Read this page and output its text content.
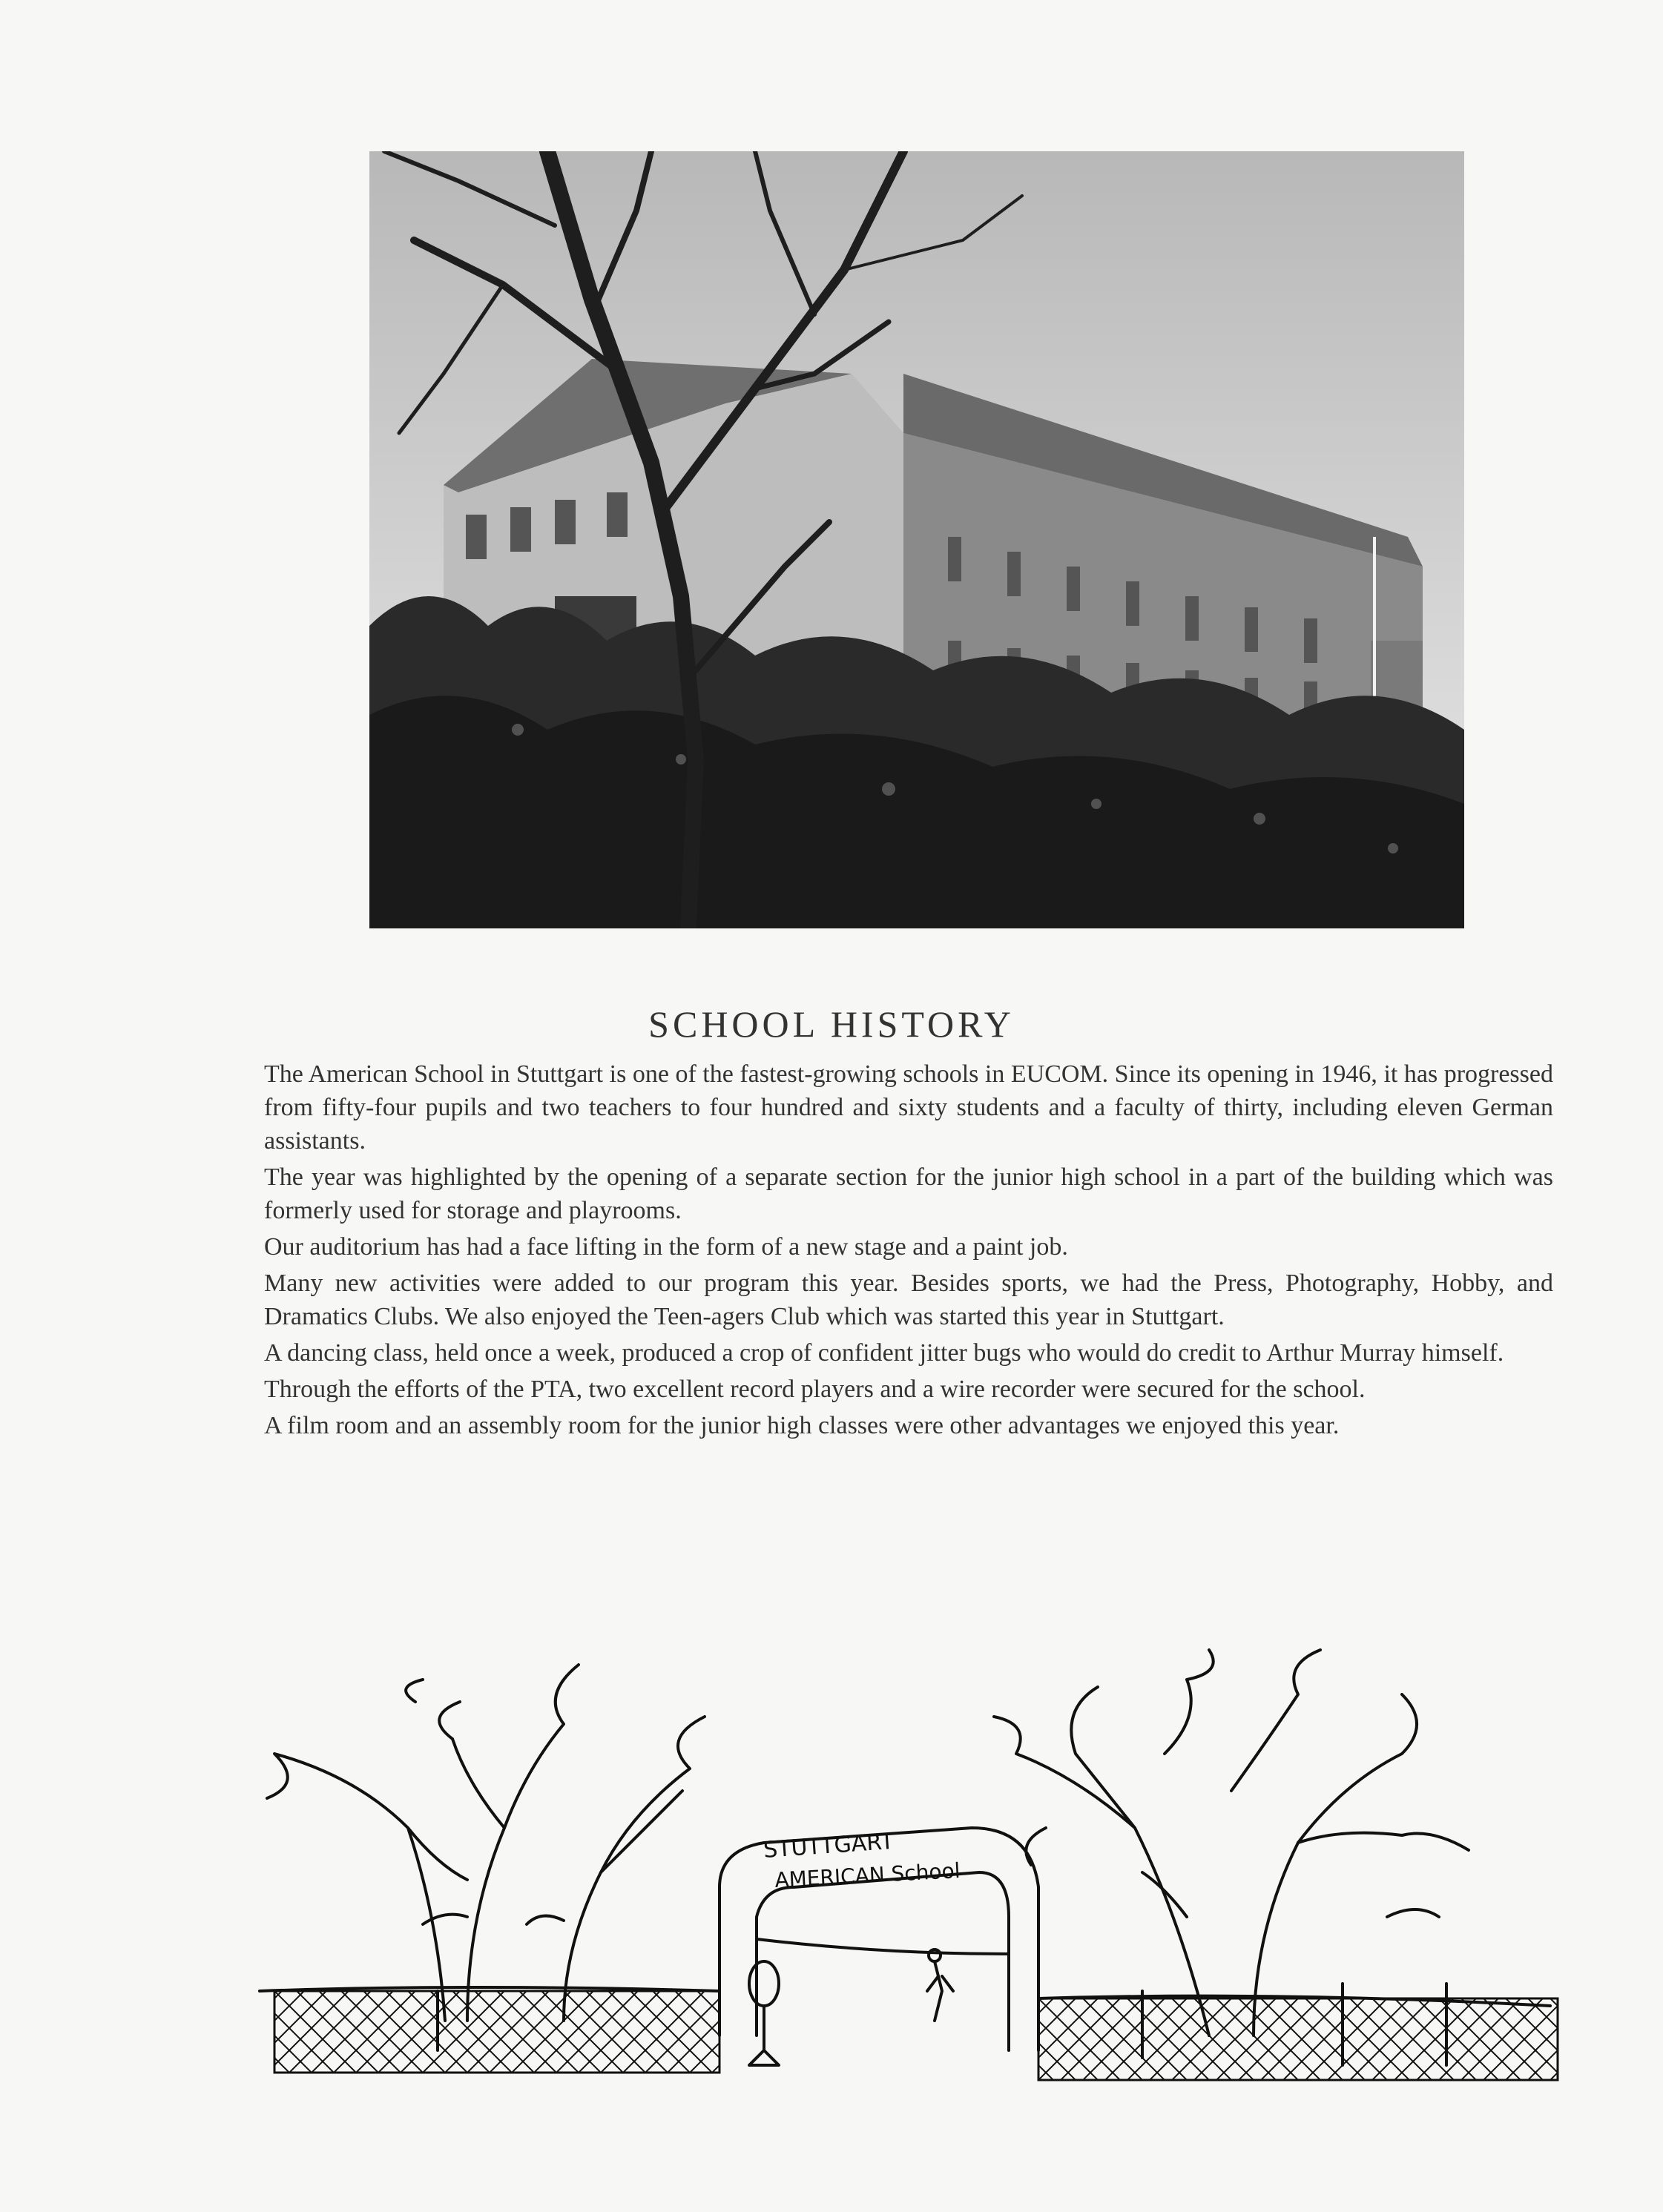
SCHOOL HISTORY

The American School in Stuttgart is one of the fastest-growing schools in EUCOM. Since its opening in 1946, it has progressed from fifty-four pupils and two teachers to four hundred and sixty students and a faculty of thirty, including eleven German assistants.

The year was highlighted by the opening of a separate section for the junior high school in a part of the building which was formerly used for storage and playrooms.

Our auditorium has had a face lifting in the form of a new stage and a paint job.

Many new activities were added to our program this year. Besides sports, we had the Press, Photography, Hobby, and Dramatics Clubs. We also enjoyed the Teen-agers Club which was started this year in Stuttgart.

A dancing class, held once a week, produced a crop of confident jitter bugs who would do credit to Arthur Murray himself.

Through the efforts of the PTA, two excellent record players and a wire recorder were secured for the school.

A film room and an assembly room for the junior high classes were other advantages we enjoyed this year.

STUTTGART
AMERICAN School
